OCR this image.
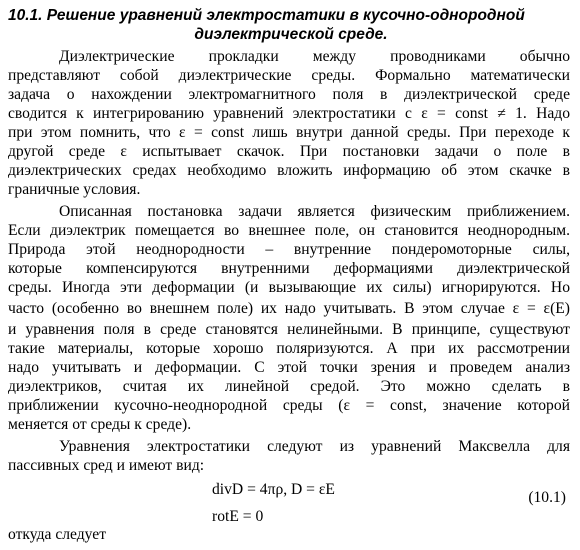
10.1. Решение уравнений электростатики в кусочно-однородной
диэлектрической среде.
Диэлектрические прокладки между проводниками обычно
представляют собой диэлектрические среды. Формально математически
задача о нахождении электромагнитного поля в диэлектрической среде
сводится к интегрированию уравнений электростатики с ε = const ≠ 1. Надо
при этом помнить, что ε = const лишь внутри данной среды. При переходе к
другой среде ε испытывает скачок. При постановки задачи о поле в
диэлектрических средах необходимо вложить информацию об этом скачке в
граничные условия.
Описанная постановка задачи является физическим приближением.
Если диэлектрик помещается во внешнее поле, он становится неоднородным.
Природа этой неоднородности – внутренние пондеромоторные силы,
которые компенсируются внутренними деформациями диэлектрической
среды. Иногда эти деформации (и вызывающие их силы) игнорируются. Но
часто (особенно во внешнем поле) их надо учитывать. В этом случае ε = ε(E)
и уравнения поля в среде становятся нелинейными. В принципе, существуют
такие материалы, которые хорошо поляризуются. А при их рассмотрении
надо учитывать и деформации. С этой точки зрения и проведем анализ
диэлектриков, считая их линейной средой. Это можно сделать в
приближении кусочно-неоднородной среды (ε = const, значение которой
меняется от среды к среде).
Уравнения электростатики следуют из уравнений Максвелла для
пассивных сред и имеют вид:
divD = 4πρ, D = εE
rotE = 0
(10.1)
откуда следует
